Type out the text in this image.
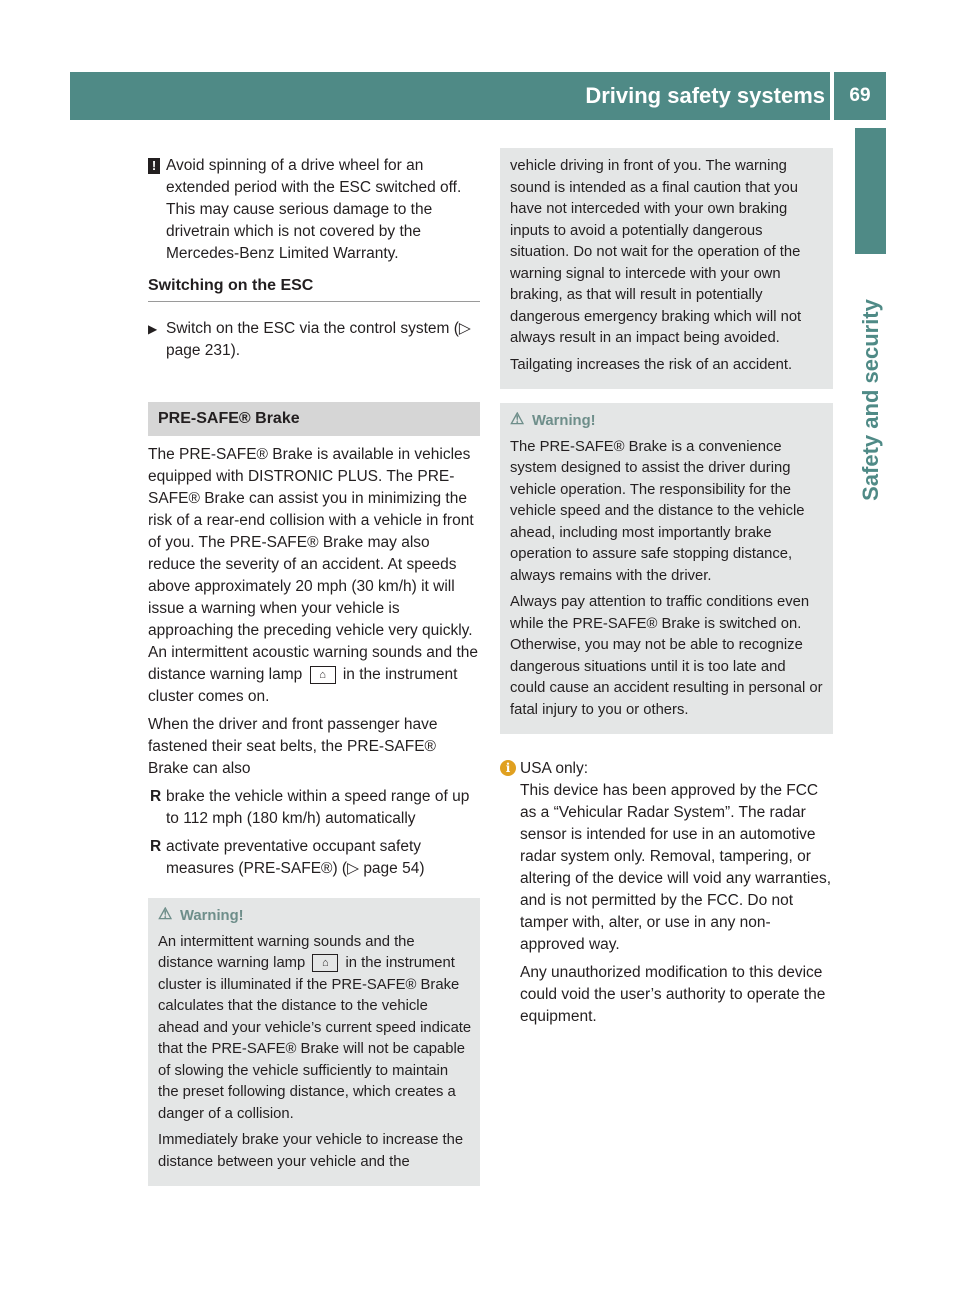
Driving safety systems	69
Safety and security

! Avoid spinning of a drive wheel for an extended period with the ESC switched off. This may cause serious damage to the drivetrain which is not covered by the Mercedes-Benz Limited Warranty.

Switching on the ESC

▶ Switch on the ESC via the control system (▷ page 231).

PRE-SAFE® Brake

The PRE-SAFE® Brake is available in vehicles equipped with DISTRONIC PLUS. The PRE-SAFE® Brake can assist you in minimizing the risk of a rear-end collision with a vehicle in front of you. The PRE-SAFE® Brake may also reduce the severity of an accident. At speeds above approximately 20 mph (30 km/h) it will issue a warning when your vehicle is approaching the preceding vehicle very quickly. An intermittent acoustic warning sounds and the distance warning lamp ⌂ in the instrument cluster comes on.

When the driver and front passenger have fastened their seat belts, the PRE-SAFE® Brake can also

R brake the vehicle within a speed range of up to 112 mph (180 km/h) automatically

R activate preventative occupant safety measures (PRE-SAFE®) (▷ page 54)

⚠ Warning!

An intermittent warning sounds and the distance warning lamp ⌂ in the instrument cluster is illuminated if the PRE-SAFE® Brake calculates that the distance to the vehicle ahead and your vehicle’s current speed indicate that the PRE-SAFE® Brake will not be capable of slowing the vehicle sufficiently to maintain the preset following distance, which creates a danger of a collision.

Immediately brake your vehicle to increase the distance between your vehicle and the

vehicle driving in front of you. The warning sound is intended as a final caution that you have not interceded with your own braking inputs to avoid a potentially dangerous situation. Do not wait for the operation of the warning signal to intercede with your own braking, as that will result in potentially dangerous emergency braking which will not always result in an impact being avoided.

Tailgating increases the risk of an accident.

⚠ Warning!

The PRE-SAFE® Brake is a convenience system designed to assist the driver during vehicle operation. The responsibility for the vehicle speed and the distance to the vehicle ahead, including most importantly brake operation to assure safe stopping distance, always remains with the driver.

Always pay attention to traffic conditions even while the PRE-SAFE® Brake is switched on. Otherwise, you may not be able to recognize dangerous situations until it is too late and could cause an accident resulting in personal or fatal injury to you or others.

i USA only:

This device has been approved by the FCC as a “Vehicular Radar System”. The radar sensor is intended for use in an automotive radar system only. Removal, tampering, or altering of the device will void any warranties, and is not permitted by the FCC. Do not tamper with, alter, or use in any non-approved way.

Any unauthorized modification to this device could void the user’s authority to operate the equipment.
